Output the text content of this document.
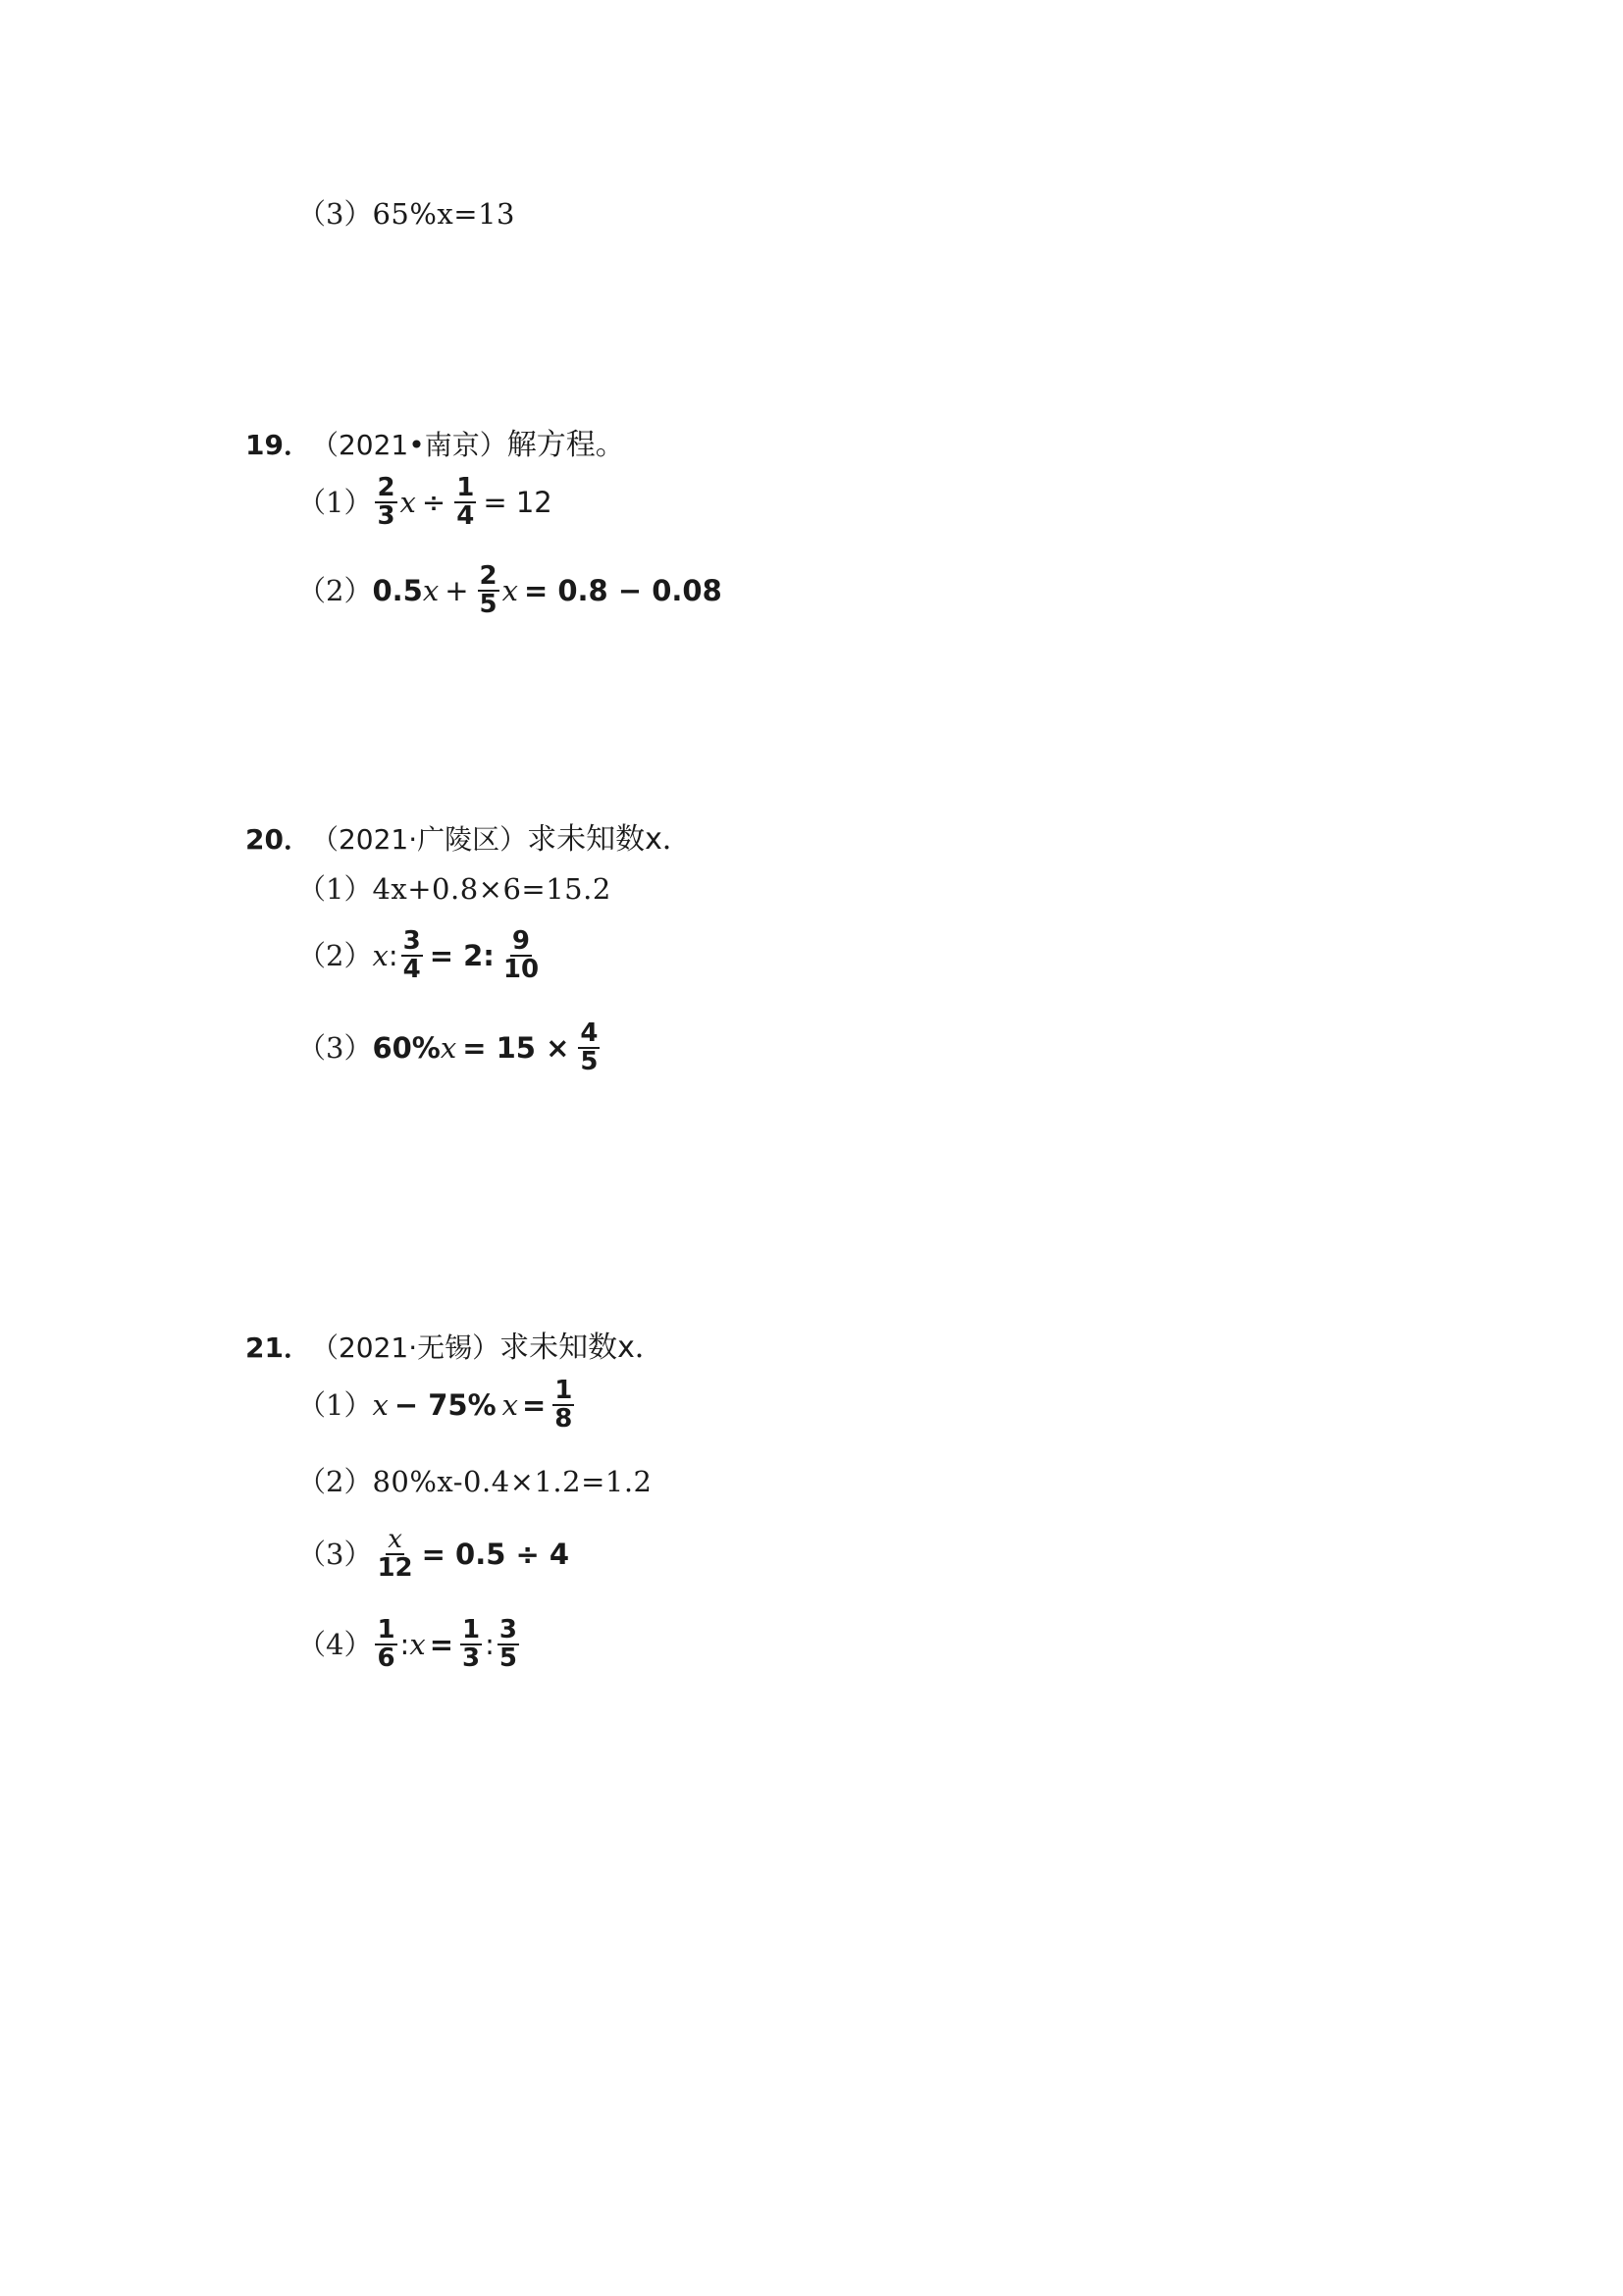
（3） 65%x=13
19． （2021•南京） 解方程。
$(1) \frac{2}{3}$ $x \div \frac{1}{4} = 12$
（2） 0.5 $x + \frac{2}{5}$ x = 0.8 − 0.08
20． （2021·广陵区） 求未知数x．
（1） 4x+0.8×6=15.2
（2） x : $\frac{3}{4} = 2$: $\frac{9}{10}$
（3） 60% $x = 15 \times \frac{4}{5}$
21． （2021·无锡） 求未知数x．
（1） x − 75% $x = \frac{1}{8}$
（2） 80%x-0.4×1.2=1.2
$(3) \frac{x}{12} = 0.5 \div 4$
$(4) \frac{1}{6}$ : $x = \frac{1}{3}$ : $\frac{3}{5}$
